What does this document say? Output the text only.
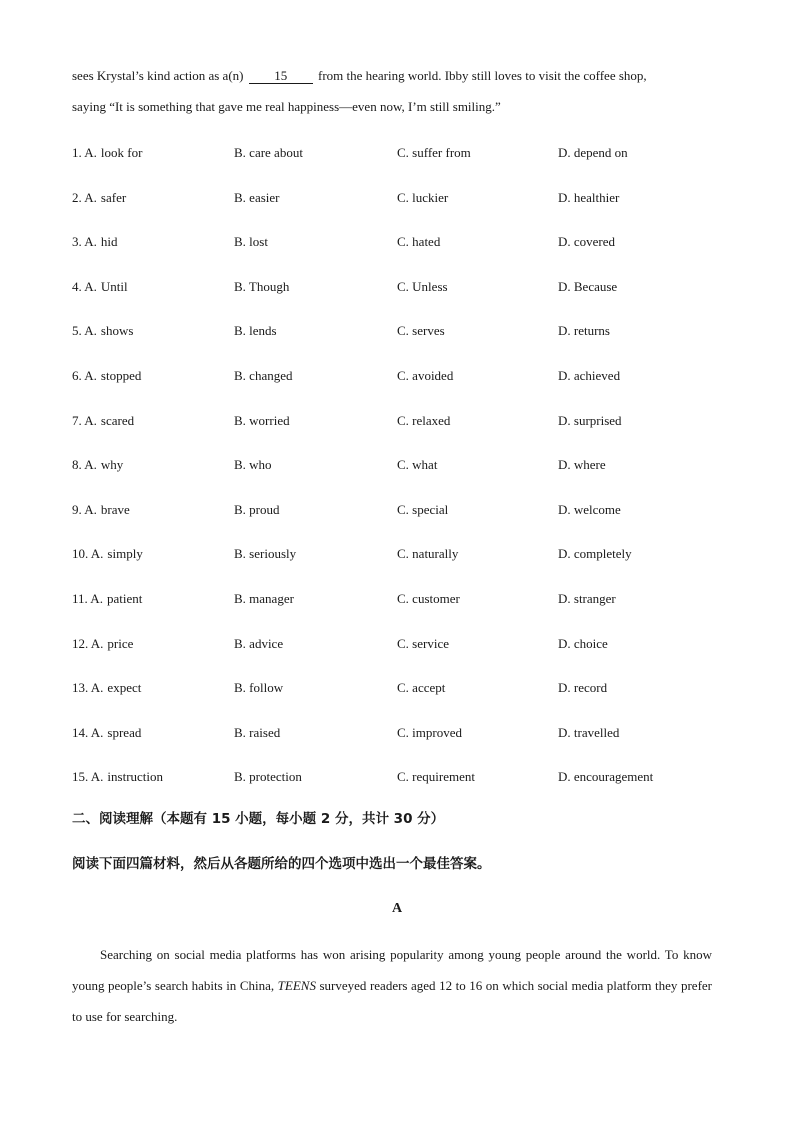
sees Krystal’s kind action as a(n) 15 from the hearing world. Ibby still loves to visit the coffee shop,
saying “It is something that gave me real happiness—even now, I’m still smiling.”
1. A. look for	B. care about	C. suffer from	D. depend on
2. A. safer	B. easier	C. luckier	D. healthier
3. A. hid	B. lost	C. hated	D. covered
4. A. Until	B. Though	C. Unless	D. Because
5. A. shows	B. lends	C. serves	D. returns
6. A. stopped	B. changed	C. avoided	D. achieved
7. A. scared	B. worried	C. relaxed	D. surprised
8. A. why	B. who	C. what	D. where
9. A. brave	B. proud	C. special	D. welcome
10. A. simply	B. seriously	C. naturally	D. completely
11. A. patient	B. manager	C. customer	D. stranger
12. A. price	B. advice	C. service	D. choice
13. A. expect	B. follow	C. accept	D. record
14. A. spread	B. raised	C. improved	D. travelled
15. A. instruction	B. protection	C. requirement	D. encouragement
二、阅读理解（本题有 15 小题，每小题 2 分，共计 30 分）
阅读下面四篇材料，然后从各题所给的四个选项中选出一个最佳答案。
A
Searching on social media platforms has won arising popularity among young people around the world. To know young people’s search habits in China, TEENS surveyed readers aged 12 to 16 on which social media platform they prefer to use for searching.
